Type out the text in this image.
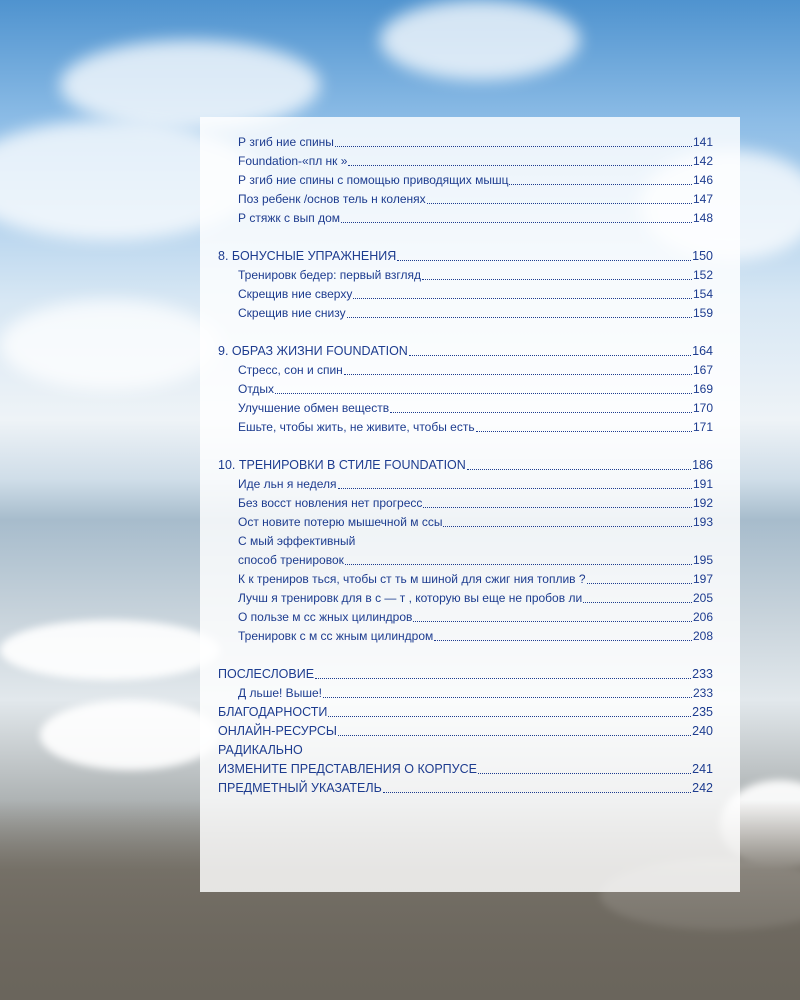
Р згиб ние спины	141
Foundation-«пл нк »	142
Р згиб ние спины с помощью приводящих мышц	146
Поз ребенк /основ тель н коленях	147
Р стяжк с вып дом	148
8. БОНУСНЫЕ УПРАЖНЕНИЯ	150
Тренировк бедер: первый взгляд	152
Скрещив ние сверху	154
Скрещив ние снизу	159
9. ОБРАЗ ЖИЗНИ FOUNDATION	164
Стресс, сон и спин	167
Отдых	169
Улучшение обмен веществ	170
Ешьте, чтобы жить, не живите, чтобы есть	171
10. ТРЕНИРОВКИ В СТИЛЕ FOUNDATION	186
Иде льн я неделя	191
Без восст новления нет прогресс	192
Ост новите потерю мышечной м ссы	193
С мый эффективный
способ тренировок	195
К к трениров ться, чтобы ст ть м шиной для сжиг ния топлив ?	197
Лучш я тренировк для в с — т , которую вы еще не пробов ли	205
О пользе м сс жных цилиндров	206
Тренировк с м сс жным цилиндром	208
ПОСЛЕСЛОВИЕ	233
Д льше! Выше!	233
БЛАГОДАРНОСТИ	235
ОНЛАЙН-РЕСУРСЫ	240
РАДИКАЛЬНО
ИЗМЕНИТЕ ПРЕДСТАВЛЕНИЯ О КОРПУСЕ	241
ПРЕДМЕТНЫЙ УКАЗАТЕЛЬ	242
